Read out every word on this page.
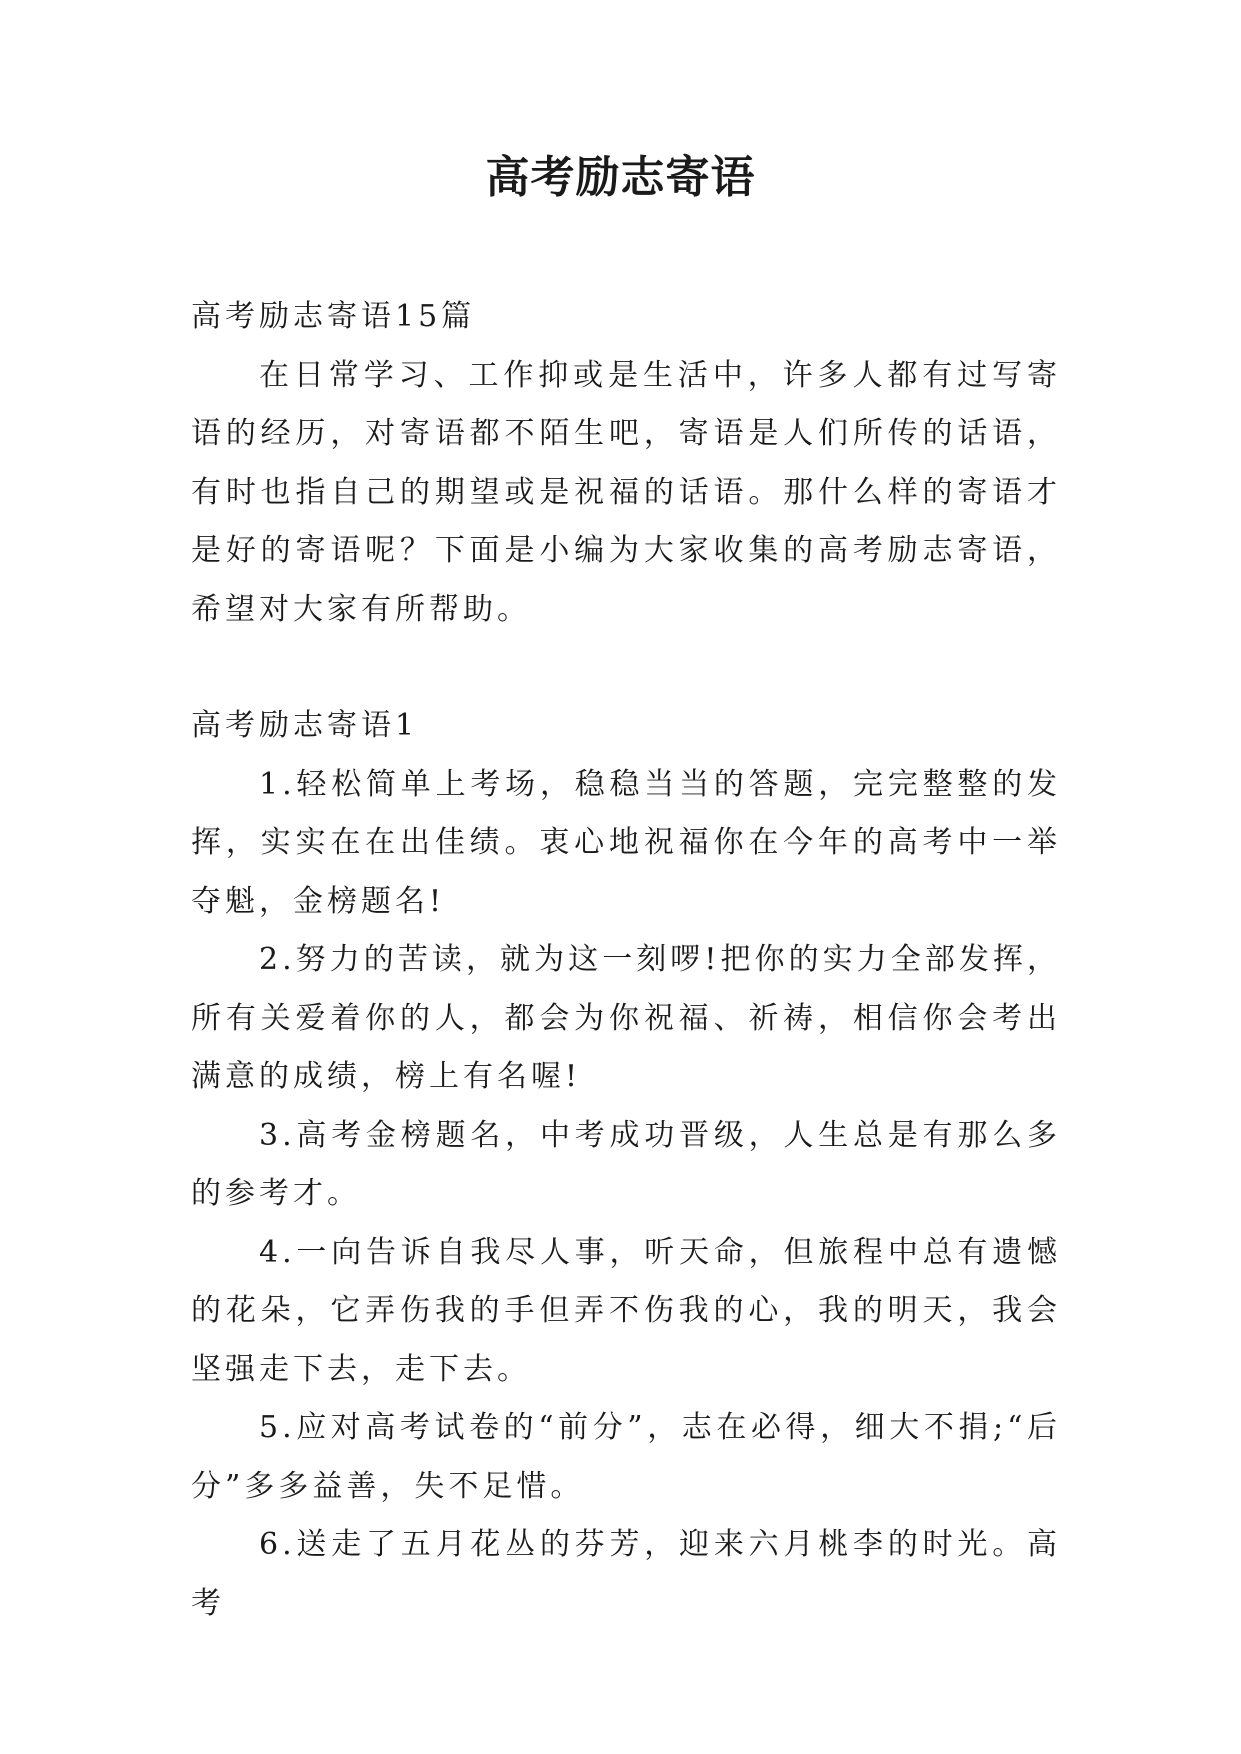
高考励志寄语

高考励志寄语15篇

在日常学习、工作抑或是生活中，许多人都有过写寄语的经历，对寄语都不陌生吧，寄语是人们所传的话语，有时也指自己的期望或是祝福的话语。那什么样的寄语才是好的寄语呢？下面是小编为大家收集的高考励志寄语，希望对大家有所帮助。

高考励志寄语1

1.轻松简单上考场，稳稳当当的答题，完完整整的发挥，实实在在出佳绩。衷心地祝福你在今年的高考中一举夺魁，金榜题名!

2.努力的苦读，就为这一刻啰!把你的实力全部发挥，所有关爱着你的人，都会为你祝福、祈祷，相信你会考出满意的成绩，榜上有名喔!

3.高考金榜题名，中考成功晋级，人生总是有那么多的参考才。

4.一向告诉自我尽人事，听天命，但旅程中总有遗憾的花朵，它弄伤我的手但弄不伤我的心，我的明天，我会坚强走下去，走下去。

5.应对高考试卷的“前分”，志在必得，细大不捐;“后分”多多益善，失不足惜。

6.送走了五月花丛的芬芳，迎来六月桃李的时光。高考
